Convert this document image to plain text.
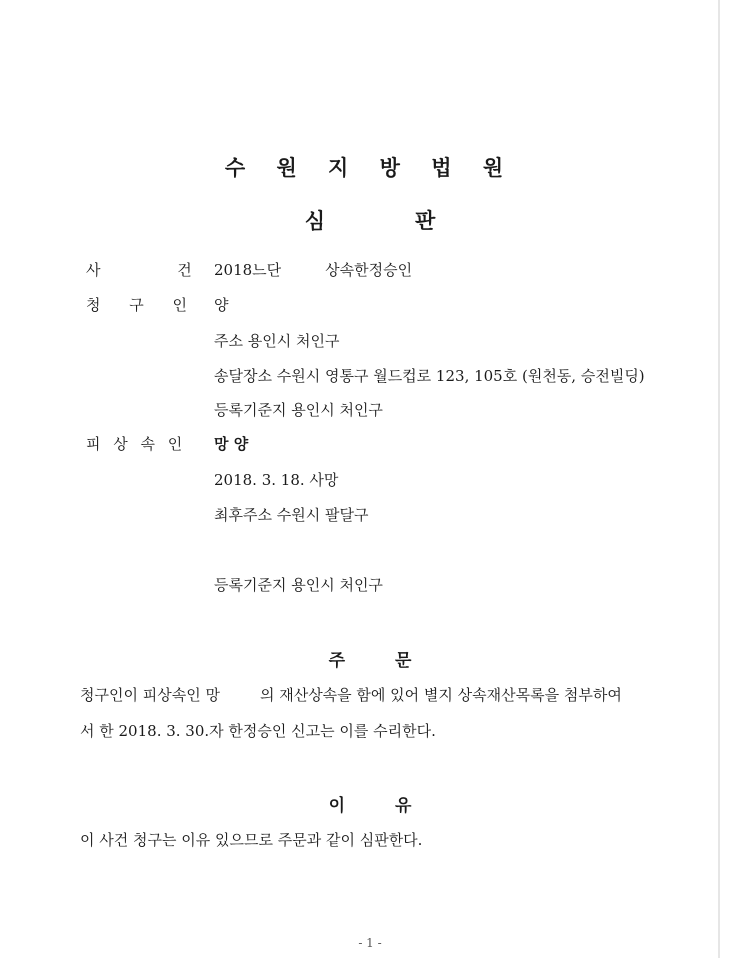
수 원 지 방 법 원
심	판
사 건
2018느단	상속한정승인
청 구 인 양
주소 용인시 처인구
송달장소 수원시 영통구 월드컵로 123, 105호 (원천동, 승전빌딩)
등록기준지 용인시 처인구
피 상 속 인 망 양
2018. 3. 18. 사망
최후주소 수원시 팔달구
등록기준지 용인시 처인구
주	문
청구인이 피상속인 망	의 재산상속을 함에 있어 별지 상속재산목록을 첨부하여
서 한 2018. 3. 30.자 한정승인 신고는 이를 수리한다.
이	유
이 사건 청구는 이유 있으므로 주문과 같이 심판한다.
- 1 -
